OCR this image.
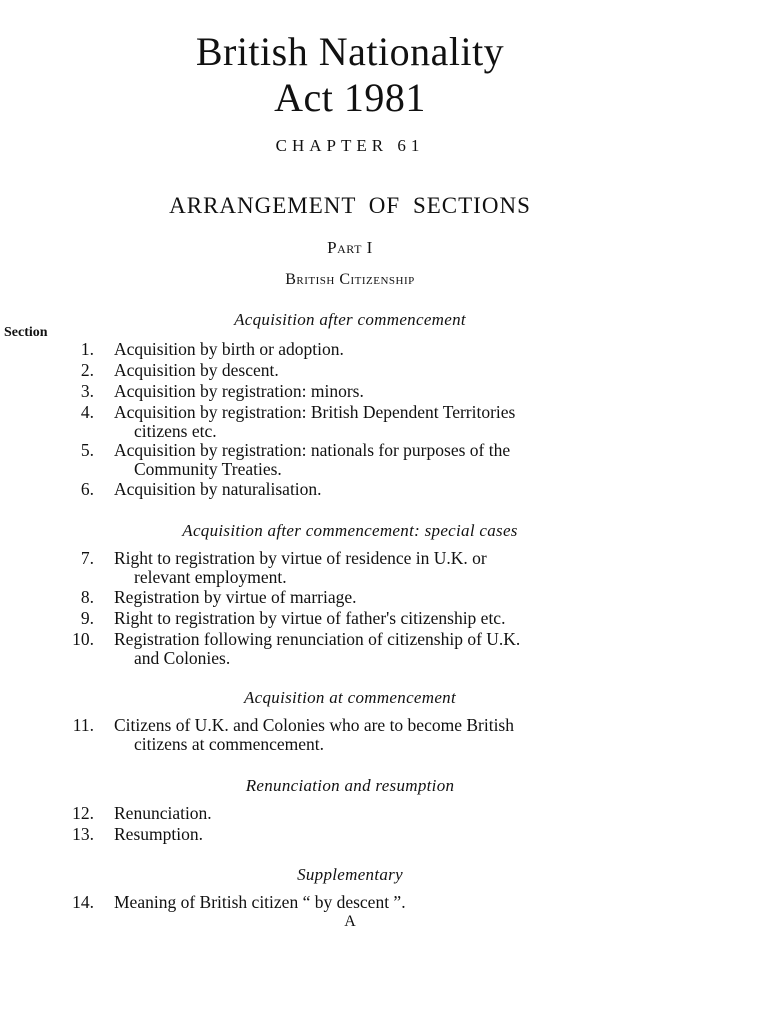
British Nationality
Act 1981
CHAPTER 61
ARRANGEMENT OF SECTIONS
Part I
British Citizenship
Section
Acquisition after commencement
1. Acquisition by birth or adoption.
2. Acquisition by descent.
3. Acquisition by registration: minors.
4. Acquisition by registration: British Dependent Territories
citizens etc.
5. Acquisition by registration: nationals for purposes of the
Community Treaties.
6. Acquisition by naturalisation.
Acquisition after commencement: special cases
7. Right to registration by virtue of residence in U.K. or
relevant employment.
8. Registration by virtue of marriage.
9. Right to registration by virtue of father's citizenship etc.
10. Registration following renunciation of citizenship of U.K.
and Colonies.
Acquisition at commencement
11. Citizens of U.K. and Colonies who are to become British
citizens at commencement.
Renunciation and resumption
12. Renunciation.
13. Resumption.
Supplementary
14. Meaning of British citizen “ by descent ”.
A
